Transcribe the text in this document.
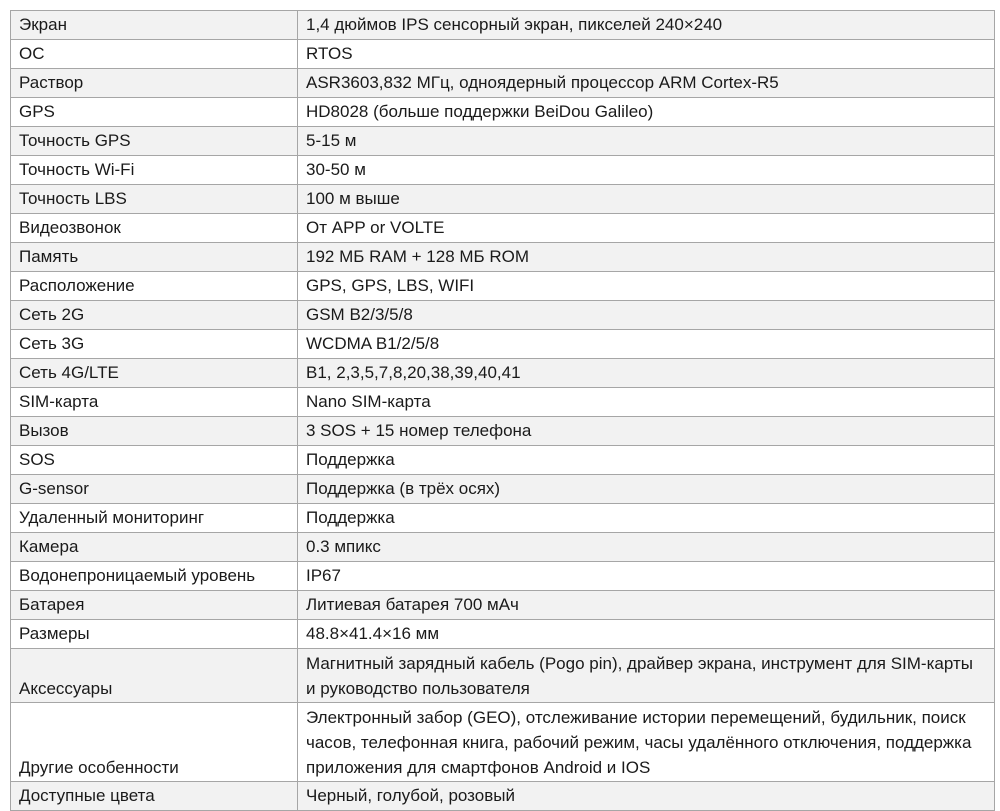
Экран	1,4 дюймов IPS сенсорный экран, пикселей 240×240
ОС	RTOS
Раствор	ASR3603,832 МГц, одноядерный процессор ARM Cortex-R5
GPS	HD8028 (больше поддержки BeiDou Galileo)
Точность GPS	5-15 м
Точность Wi-Fi	30-50 м
Точность LBS	100 м выше
Видеозвонок	От APP or VOLTE
Память	192 МБ RAM + 128 МБ ROM
Расположение	GPS, GPS, LBS, WIFI
Сеть 2G	GSM B2/3/5/8
Сеть 3G	WCDMA B1/2/5/8
Сеть 4G/LTE	B1, 2,3,5,7,8,20,38,39,40,41
SIM-карта	Nano SIM-карта
Вызов	3 SOS + 15 номер телефона
SOS	Поддержка
G-sensor	Поддержка (в трёх осях)
Удаленный мониторинг	Поддержка
Камера	0.3 мпикс
Водонепроницаемый уровень	IP67
Батарея	Литиевая батарея 700 мАч
Размеры	48.8×41.4×16 мм
Аксессуары	Магнитный зарядный кабель (Pogo pin), драйвер экрана, инструмент для SIM-карты и руководство пользователя
Другие особенности	Электронный забор (GEO), отслеживание истории перемещений, будильник, поиск часов, телефонная книга, рабочий режим, часы удалённого отключения, поддержка приложения для смартфонов Android и IOS
Доступные цвета	Черный, голубой, розовый
